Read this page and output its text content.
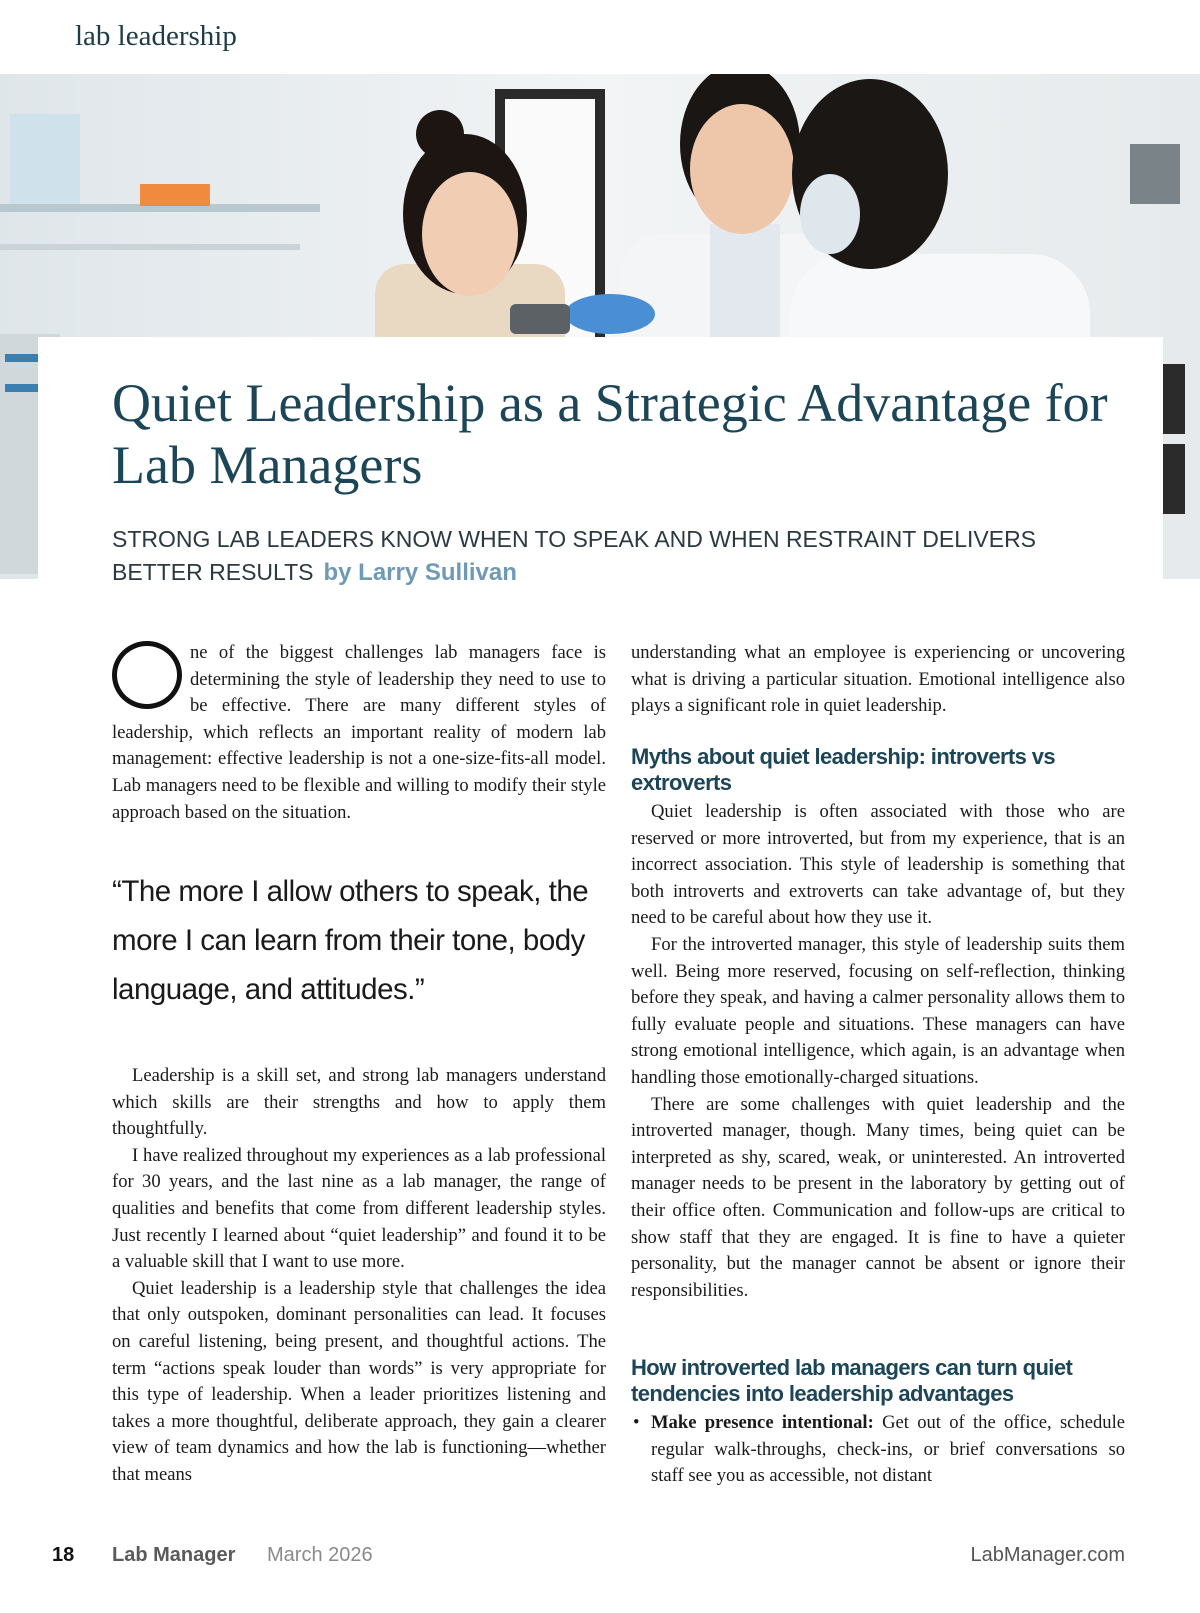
lab leadership
Quiet Leadership as a Strategic Advantage for Lab Managers
STRONG LAB LEADERS KNOW WHEN TO SPEAK AND WHEN RESTRAINT DELIVERS BETTER RESULTS by Larry Sullivan

ne of the biggest challenges lab managers face is determining the style of leadership they need to use to be effective. There are many different styles of leadership, which reflects an important reality of modern lab management: effective leadership is not a one-size-fits-all model. Lab managers need to be flexible and willing to modify their style approach based on the situation.

“The more I allow others to speak, the more I can learn from their tone, body language, and attitudes.”

Leadership is a skill set, and strong lab managers understand which skills are their strengths and how to apply them thoughtfully.

I have realized throughout my experiences as a lab professional for 30 years, and the last nine as a lab manager, the range of qualities and benefits that come from different leadership styles. Just recently I learned about “quiet leadership” and found it to be a valuable skill that I want to use more.

Quiet leadership is a leadership style that challenges the idea that only outspoken, dominant personalities can lead. It focuses on careful listening, being present, and thoughtful actions. The term “actions speak louder than words” is very appropriate for this type of leadership. When a leader prioritizes listening and takes a more thoughtful, deliberate approach, they gain a clearer view of team dynamics and how the lab is functioning—whether that means

understanding what an employee is experiencing or uncovering what is driving a particular situation. Emotional intelligence also plays a significant role in quiet leadership.

Myths about quiet leadership: introverts vs extroverts

Quiet leadership is often associated with those who are reserved or more introverted, but from my experience, that is an incorrect association. This style of leadership is something that both introverts and extroverts can take advantage of, but they need to be careful about how they use it.

For the introverted manager, this style of leadership suits them well. Being more reserved, focusing on self-reflection, thinking before they speak, and having a calmer personality allows them to fully evaluate people and situations. These managers can have strong emotional intelligence, which again, is an advantage when handling those emotionally-charged situations.

There are some challenges with quiet leadership and the introverted manager, though. Many times, being quiet can be interpreted as shy, scared, weak, or uninterested. An introverted manager needs to be present in the laboratory by getting out of their office often. Communication and follow-ups are critical to show staff that they are engaged. It is fine to have a quieter personality, but the manager cannot be absent or ignore their responsibilities.

How introverted lab managers can turn quiet tendencies into leadership advantages
• Make presence intentional: Get out of the office, schedule regular walk-throughs, check-ins, or brief conversations so staff see you as accessible, not distant
18 Lab Manager March 2026	LabManager.com
